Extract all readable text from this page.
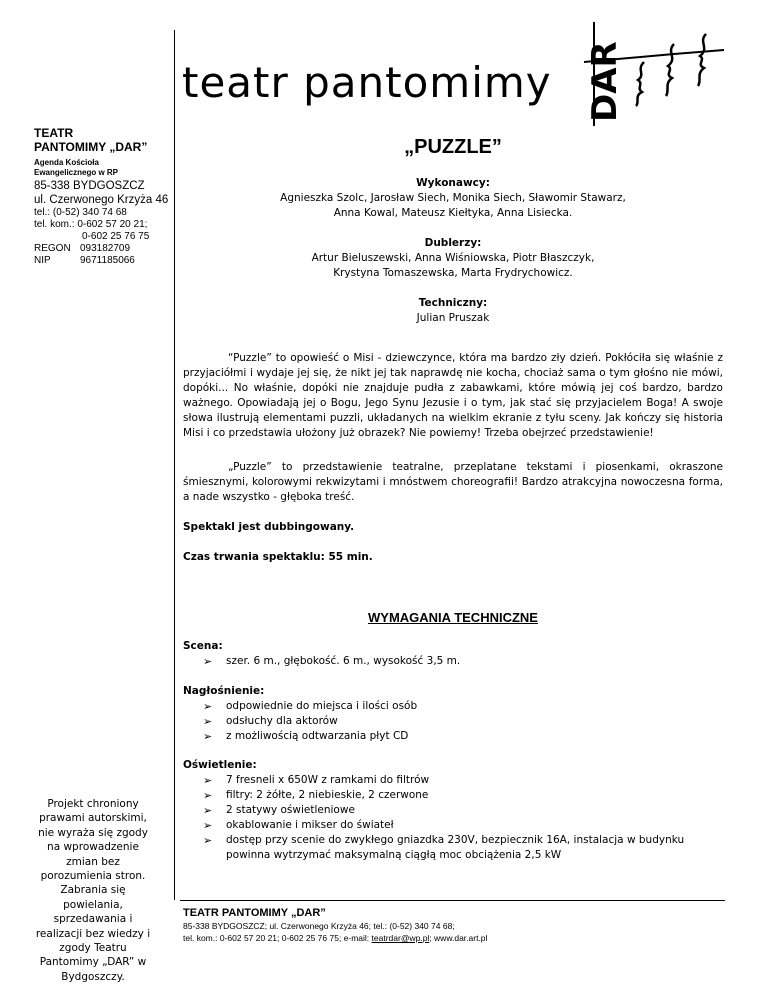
teatr pantomimy DAR
TEATR
PANTOMIMY „DAR”
Agenda Kościoła
Ewangelicznego w RP
85-338 BYDGOSZCZ
ul. Czerwonego Krzyża 46
tel.: (0-52) 340 74 68
tel. kom.: 0-602 57 20 21;
0-602 25 76 75
REGON 093182709
NIP	9671185066
Projekt chroniony prawami autorskimi, nie wyraża się zgody na wprowadzenie zmian bez porozumienia stron. Zabrania się powielania, sprzedawania i realizacji bez wiedzy i zgody Teatru Pantomimy „DAR” w Bydgoszczy.
„PUZZLE”
Wykonawcy:
Agnieszka Szolc, Jarosław Siech, Monika Siech, Sławomir Stawarz,
Anna Kowal, Mateusz Kiełtyka, Anna Lisiecka.
Dublerzy:
Artur Bieluszewski, Anna Wiśniowska, Piotr Błaszczyk,
Krystyna Tomaszewska, Marta Frydrychowicz.
Techniczny:
Julian Pruszak

“Puzzle” to opowieść o Misi - dziewczynce, która ma bardzo zły dzień. Pokłóciła się właśnie z przyjaciółmi i wydaje jej się, że nikt jej tak naprawdę nie kocha, chociaż sama o tym głośno nie mówi, dopóki... No właśnie, dopóki nie znajduje pudła z zabawkami, które mówią jej coś bardzo, bardzo ważnego. Opowiadają jej o Bogu, Jego Synu Jezusie i o tym, jak stać się przyjacielem Boga! A swoje słowa ilustrują elementami puzzli, układanych na wielkim ekranie z tyłu sceny. Jak kończy się historia Misi i co przedstawia ułożony już obrazek? Nie powiemy! Trzeba obejrzeć przedstawienie!

„Puzzle” to przedstawienie teatralne, przeplatane tekstami i piosenkami, okraszone śmiesznymi, kolorowymi rekwizytami i mnóstwem choreografii! Bardzo atrakcyjna nowoczesna forma, a nade wszystko - głęboka treść.

Spektakl jest dubbingowany.

Czas trwania spektaklu: 55 min.

WYMAGANIA TECHNICZNE
Scena:
➢ szer. 6 m., głębokość. 6 m., wysokość 3,5 m.
Nagłośnienie:
➢ odpowiednie do miejsca i ilości osób
➢ odsłuchy dla aktorów
➢ z możliwością odtwarzania płyt CD
Oświetlenie:
➢ 7 fresneli x 650W z ramkami do filtrów
➢ filtry: 2 żółte, 2 niebieskie, 2 czerwone
➢ 2 statywy oświetleniowe
➢ okablowanie i mikser do świateł
➢ dostęp przy scenie do zwykłego gniazdka 230V, bezpiecznik 16A, instalacja w budynku powinna wytrzymać maksymalną ciągłą moc obciążenia 2,5 kW
TEATR PANTOMIMY „DAR”
85-338 BYDGOSZCZ; ul. Czerwonego Krzyża 46; tel.: (0-52) 340 74 68;
tel. kom.: 0-602 57 20 21; 0-602 25 76 75; e-mail: teatrdar@wp.pl; www.dar.art.pl
